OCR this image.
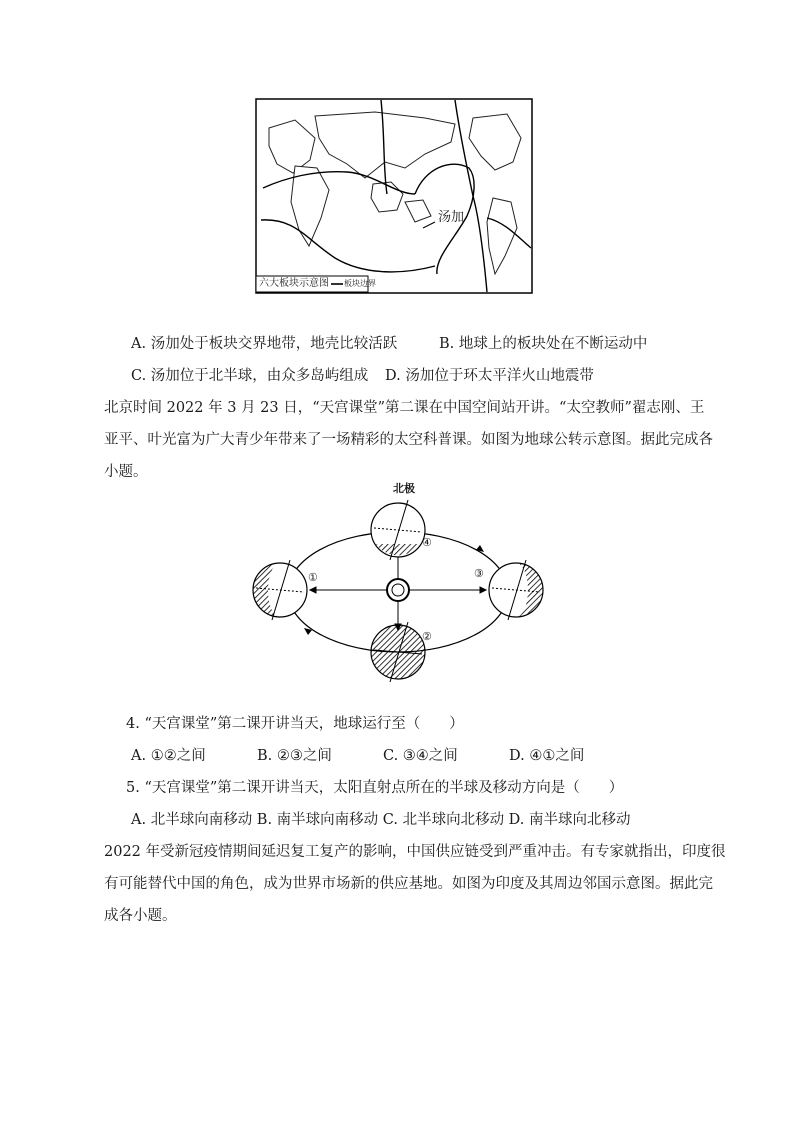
六大板块示意图 板块边界
汤加
A. 汤加处于板块交界地带，地壳比较活跃	B. 地球上的板块处在不断运动中
C. 汤加位于北半球，由众多岛屿组成 D. 汤加位于环太平洋火山地震带
北京时间 2022 年 3 月 23 日，“天宫课堂”第二课在中国空间站开讲。“太空教师”翟志刚、王
亚平、叶光富为广大青少年带来了一场精彩的太空科普课。如图为地球公转示意图。据此完成各
小题。
北极
①
②
③
④
4. “天宫课堂”第二课开讲当天，地球运行至（　　）
A. ①②之间	B. ②③之间	C. ③④之间	D. ④①之间
5. “天宫课堂”第二课开讲当天，太阳直射点所在的半球及移动方向是（　　）
A. 北半球向南移动 B. 南半球向南移动 C. 北半球向北移动 D. 南半球向北移动
2022 年受新冠疫情期间延迟复工复产的影响，中国供应链受到严重冲击。有专家就指出，印度很
有可能替代中国的角色，成为世界市场新的供应基地。如图为印度及其周边邻国示意图。据此完
成各小题。
